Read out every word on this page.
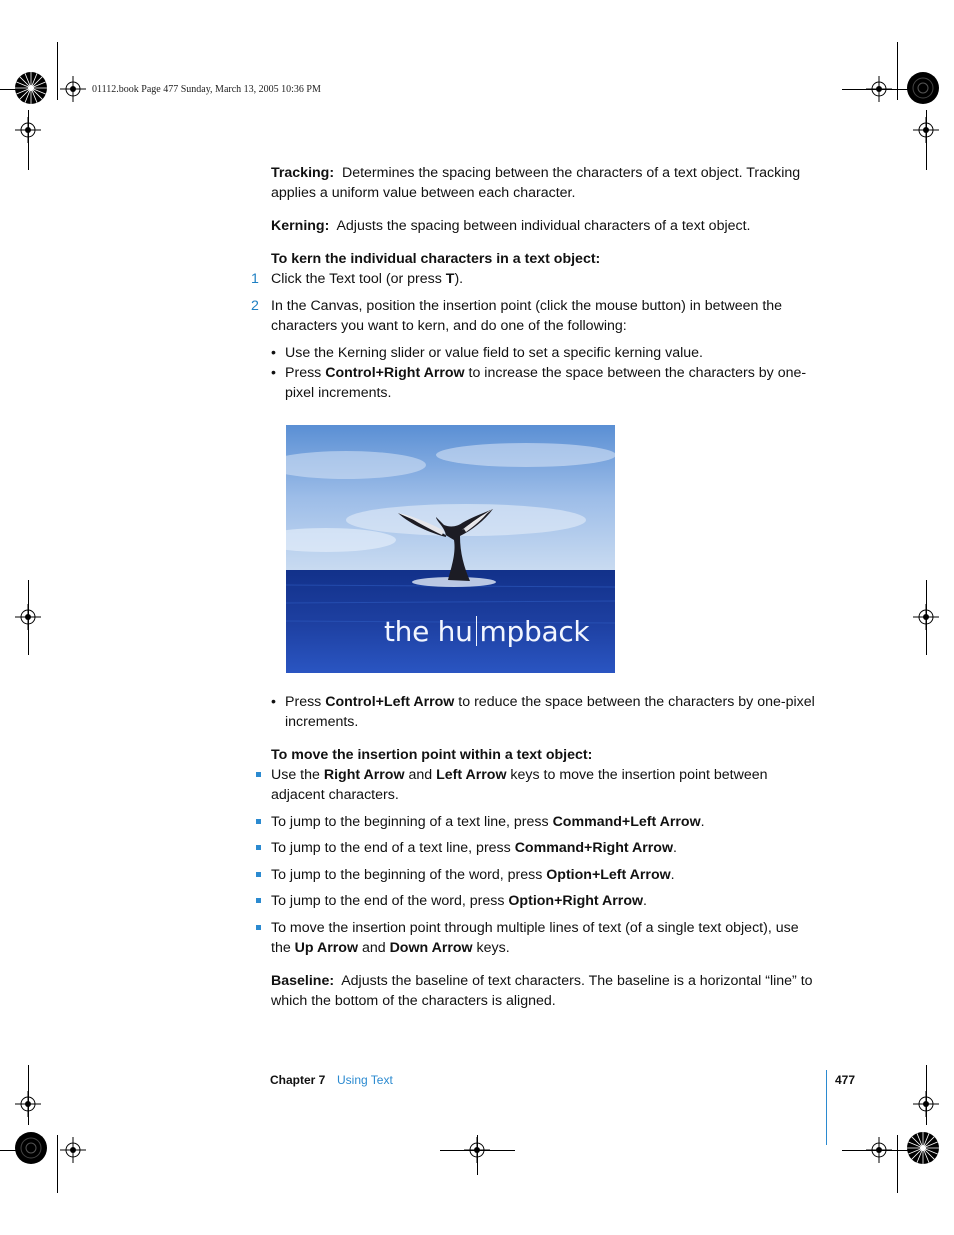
01112.book Page 477 Sunday, March 13, 2005 10:36 PM
Tracking: Determines the spacing between the characters of a text object. Tracking
applies a uniform value between each character.
Kerning: Adjusts the spacing between individual characters of a text object.
To kern the individual characters in a text object:
1 Click the Text tool (or press T).
2 In the Canvas, position the insertion point (click the mouse button) in between the
characters you want to kern, and do one of the following:
• Use the Kerning slider or value field to set a specific kerning value.
• Press Control+Right Arrow to increase the space between the characters by one-
pixel increments.
the hu mpback
• Press Control+Left Arrow to reduce the space between the characters by one-pixel
increments.
To move the insertion point within a text object:
Use the Right Arrow and Left Arrow keys to move the insertion point between
adjacent characters.
To jump to the beginning of a text line, press Command+Left Arrow.
To jump to the end of a text line, press Command+Right Arrow.
To jump to the beginning of the word, press Option+Left Arrow.
To jump to the end of the word, press Option+Right Arrow.
To move the insertion point through multiple lines of text (of a single text object), use
the Up Arrow and Down Arrow keys.
Baseline: Adjusts the baseline of text characters. The baseline is a horizontal “line” to
which the bottom of the characters is aligned.
Chapter 7 Using Text	477
